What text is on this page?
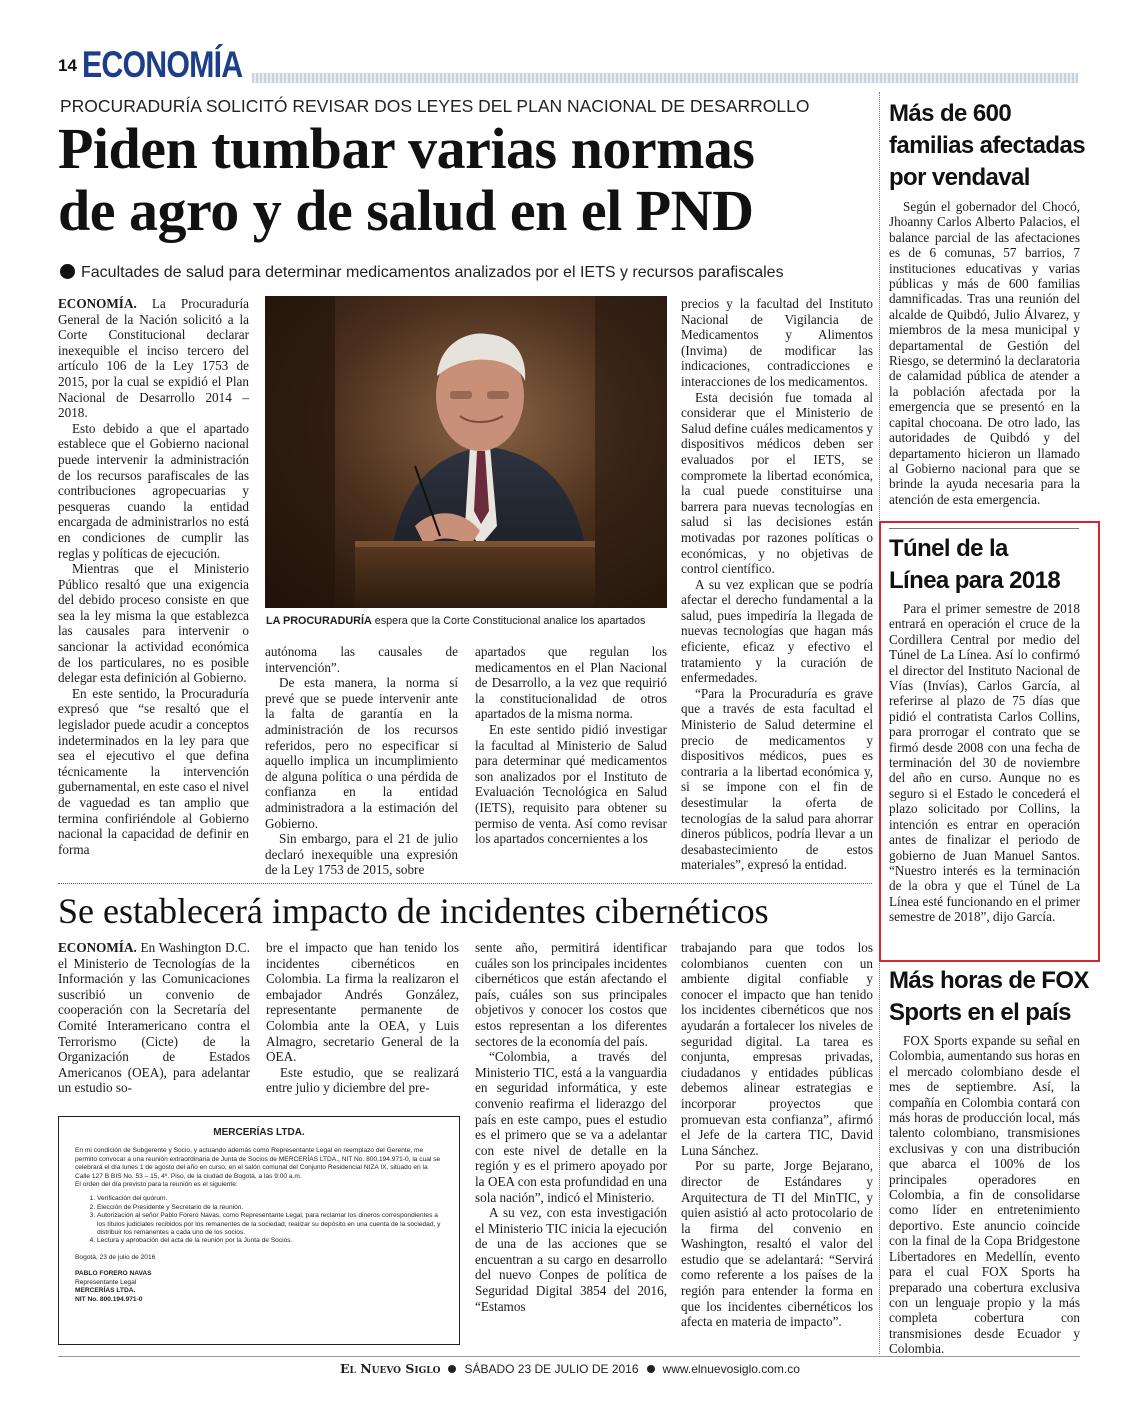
14 ECONOMÍA
PROCURADURÍA SOLICITÓ REVISAR DOS LEYES DEL PLAN NACIONAL DE DESARROLLO
Piden tumbar varias normas
de agro y de salud en el PND
Facultades de salud para determinar medicamentos analizados por el IETS y recursos parafiscales

ECONOMÍA. La Procuraduría General de la Nación solicitó a la Corte Constitucional declarar inexequible el inciso tercero del artículo 106 de la Ley 1753 de 2015, por la cual se expidió el Plan Nacional de Desarrollo 2014 – 2018.

Esto debido a que el apartado establece que el Gobierno nacional puede intervenir la administración de los recursos parafiscales de las contribuciones agropecuarias y pesqueras cuando la entidad encargada de administrarlos no está en condiciones de cumplir las reglas y políticas de ejecución.

Mientras que el Ministerio Público resaltó que una exigencia del debido proceso consiste en que sea la ley misma la que establezca las causales para intervenir o sancionar la actividad económica de los particulares, no es posible delegar esta definición al Gobierno.

En este sentido, la Procuraduría expresó que “se resaltó que el legislador puede acudir a conceptos indeterminados en la ley para que sea el ejecutivo el que defina técnicamente la intervención gubernamental, en este caso el nivel de vaguedad es tan amplio que termina confiriéndole al Gobierno nacional la capacidad de definir en forma

LA PROCURADURÍA espera que la Corte Constitucional analice los apartados

autónoma las causales de intervención”.

De esta manera, la norma sí prevé que se puede intervenir ante la falta de garantía en la administración de los recursos referidos, pero no especificar si aquello implica un incumplimiento de alguna política o una pérdida de confianza en la entidad administradora a la estimación del Gobierno.

Sin embargo, para el 21 de julio declaró inexequible una expresión de la Ley 1753 de 2015, sobre

apartados que regulan los medicamentos en el Plan Nacional de Desarrollo, a la vez que requirió la constitucionalidad de otros apartados de la misma norma.

En este sentido pidió investigar la facultad al Ministerio de Salud para determinar qué medicamentos son analizados por el Instituto de Evaluación Tecnológica en Salud (IETS), requisito para obtener su permiso de venta. Así como revisar los apartados concernientes a los

precios y la facultad del Instituto Nacional de Vigilancia de Medicamentos y Alimentos (Invima) de modificar las indicaciones, contradicciones e interacciones de los medicamentos.

Esta decisión fue tomada al considerar que el Ministerio de Salud define cuáles medicamentos y dispositivos médicos deben ser evaluados por el IETS, se compromete la libertad económica, la cual puede constituirse una barrera para nuevas tecnologías en salud si las decisiones están motivadas por razones políticas o económicas, y no objetivas de control científico.

A su vez explican que se podría afectar el derecho fundamental a la salud, pues impediría la llegada de nuevas tecnologías que hagan más eficiente, eficaz y efectivo el tratamiento y la curación de enfermedades.

“Para la Procuraduría es grave que a través de esta facultad el Ministerio de Salud determine el precio de medicamentos y dispositivos médicos, pues es contraria a la libertad económica y, si se impone con el fin de desestimular la oferta de tecnologías de la salud para ahorrar dineros públicos, podría llevar a un desabastecimiento de estos materiales”, expresó la entidad.

Se establecerá impacto de incidentes cibernéticos

ECONOMÍA. En Washington D.C. el Ministerio de Tecnologías de la Información y las Comunicaciones suscribió un convenio de cooperación con la Secretaría del Comité Interamericano contra el Terrorismo (Cicte) de la Organización de Estados Americanos (OEA), para adelantar un estudio so-

bre el impacto que han tenido los incidentes cibernéticos en Colombia. La firma la realizaron el embajador Andrés González, representante permanente de Colombia ante la OEA, y Luis Almagro, secretario General de la OEA.

Este estudio, que se realizará entre julio y diciembre del pre-

sente año, permitirá identificar cuáles son los principales incidentes cibernéticos que están afectando el país, cuáles son sus principales objetivos y conocer los costos que estos representan a los diferentes sectores de la economía del país.

“Colombia, a través del Ministerio TIC, está a la vanguardia en seguridad informática, y este convenio reafirma el liderazgo del país en este campo, pues el estudio es el primero que se va a adelantar con este nivel de detalle en la región y es el primero apoyado por la OEA con esta profundidad en una sola nación”, indicó el Ministerio.

A su vez, con esta investigación el Ministerio TIC inicia la ejecución de una de las acciones que se encuentran a su cargo en desarrollo del nuevo Conpes de política de Seguridad Digital 3854 del 2016, “Estamos

trabajando para que todos los colombianos cuenten con un ambiente digital confiable y conocer el impacto que han tenido los incidentes cibernéticos que nos ayudarán a fortalecer los niveles de seguridad digital. La tarea es conjunta, empresas privadas, ciudadanos y entidades públicas debemos alinear estrategias e incorporar proyectos que promuevan esta confianza”, afirmó el Jefe de la cartera TIC, David Luna Sánchez.

Por su parte, Jorge Bejarano, director de Estándares y Arquitectura de TI del MinTIC, y quien asistió al acto protocolario de la firma del convenio en Washington, resaltó el valor del estudio que se adelantará: “Servirá como referente a los países de la región para entender la forma en que los incidentes cibernéticos los afecta en materia de impacto”.

MERCERÍAS LTDA.
En mi condición de Subgerente y Socio, y actuando además como Representante Legal en reemplazo del Gerente, me permito convocar a una reunión extraordinaria de Junta de Socios de MERCERÍAS LTDA., NIT No. 800.194.971-0, la cual se celebrará el día lunes 1 de agosto del año en curso, en el salón comunal del Conjunto Residencial NIZA IX, situado en la Calle 127 B BIS No. 53 – 15, 4º. Piso, de la ciudad de Bogotá, a las 9:00 a.m.
El orden del día previsto para la reunión es el siguiente:
1. Verificación del quórum.
2. Elección de Presidente y Secretario de la reunión.
3. Autorización al señor Pablo Forero Navas, como Representante Legal, para reclamar los dineros correspondientes a los títulos judiciales recibidos por los remanentes de la sociedad, realizar su depósito en una cuenta de la sociedad, y distribuir los remanentes a cada uno de los socios.
4. Lectura y aprobación del acta de la reunión por la Junta de Socios.
Bogotá, 23 de julio de 2016
PABLO FORERO NAVAS
Representante Legal
MERCERÍAS LTDA.
NIT No. 800.194.971-0
Más de 600
familias afectadas
por vendaval

Según el gobernador del Chocó, Jhoanny Carlos Alberto Palacios, el balance parcial de las afectaciones es de 6 comunas, 57 barrios, 7 instituciones educativas y varias públicas y más de 600 familias damnificadas. Tras una reunión del alcalde de Quibdó, Julio Álvarez, y miembros de la mesa municipal y departamental de Gestión del Riesgo, se determinó la declaratoria de calamidad pública de atender a la población afectada por la emergencia que se presentó en la capital chocoana. De otro lado, las autoridades de Quibdó y del departamento hicieron un llamado al Gobierno nacional para que se brinde la ayuda necesaria para la atención de esta emergencia.

Túnel de la
Línea para 2018

Para el primer semestre de 2018 entrará en operación el cruce de la Cordillera Central por medio del Túnel de La Línea. Así lo confirmó el director del Instituto Nacional de Vías (Invías), Carlos García, al referirse al plazo de 75 días que pidió el contratista Carlos Collins, para prorrogar el contrato que se firmó desde 2008 con una fecha de terminación del 30 de noviembre del año en curso. Aunque no es seguro si el Estado le concederá el plazo solicitado por Collins, la intención es entrar en operación antes de finalizar el periodo de gobierno de Juan Manuel Santos. “Nuestro interés es la terminación de la obra y que el Túnel de La Línea esté funcionando en el primer semestre de 2018”, dijo García.

Más horas de FOX
Sports en el país

FOX Sports expande su señal en Colombia, aumentando sus horas en el mercado colombiano desde el mes de septiembre. Así, la compañía en Colombia contará con más horas de producción local, más talento colombiano, transmisiones exclusivas y con una distribución que abarca el 100% de los principales operadores en Colombia, a fin de consolidarse como líder en entretenimiento deportivo. Este anuncio coincide con la final de la Copa Bridgestone Libertadores en Medellín, evento para el cual FOX Sports ha preparado una cobertura exclusiva con un lenguaje propio y la más completa cobertura con transmisiones desde Ecuador y Colombia.

El Nuevo Siglo SÁBADO 23 DE JULIO DE 2016 www.elnuevosiglo.com.co
